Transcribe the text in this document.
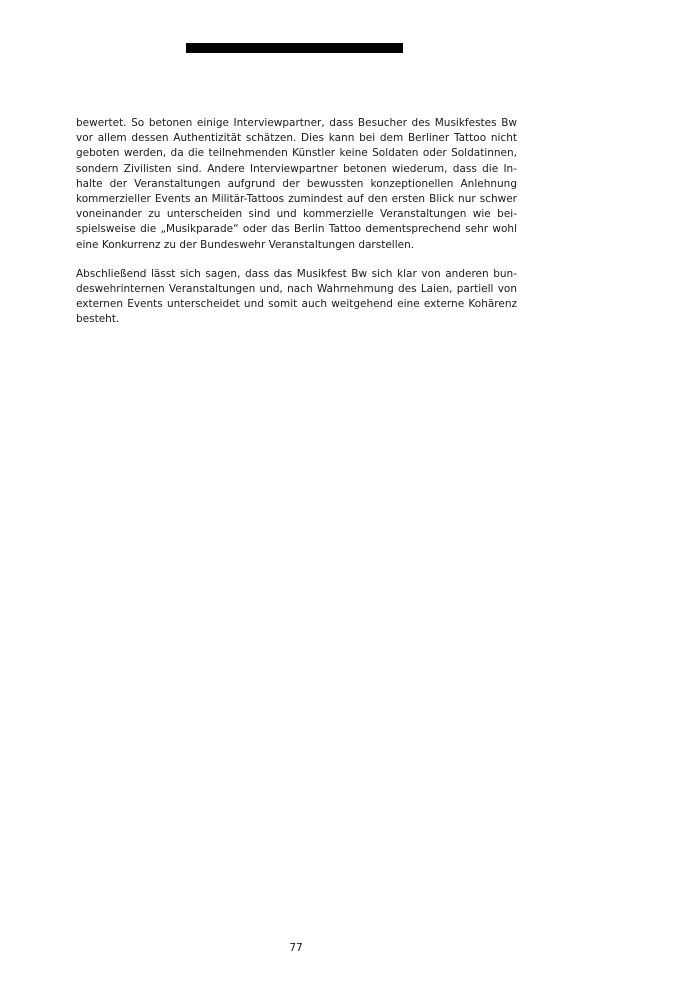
bewertet. So betonen einige Interviewpartner, dass Besucher des Musikfestes Bw
vor allem dessen Authentizität schätzen. Dies kann bei dem Berliner Tattoo nicht
geboten werden, da die teilnehmenden Künstler keine Soldaten oder Soldatinnen,
sondern Zivilisten sind. Andere Interviewpartner betonen wiederum, dass die In-
halte der Veranstaltungen aufgrund der bewussten konzeptionellen Anlehnung
kommerzieller Events an Militär-Tattoos zumindest auf den ersten Blick nur schwer
voneinander zu unterscheiden sind und kommerzielle Veranstaltungen wie bei-
spielsweise die „Musikparade“ oder das Berlin Tattoo dementsprechend sehr wohl
eine Konkurrenz zu der Bundeswehr Veranstaltungen darstellen.

Abschließend lässt sich sagen, dass das Musikfest Bw sich klar von anderen bun-
deswehrinternen Veranstaltungen und, nach Wahrnehmung des Laien, partiell von
externen Events unterscheidet und somit auch weitgehend eine externe Kohärenz
besteht.

77
